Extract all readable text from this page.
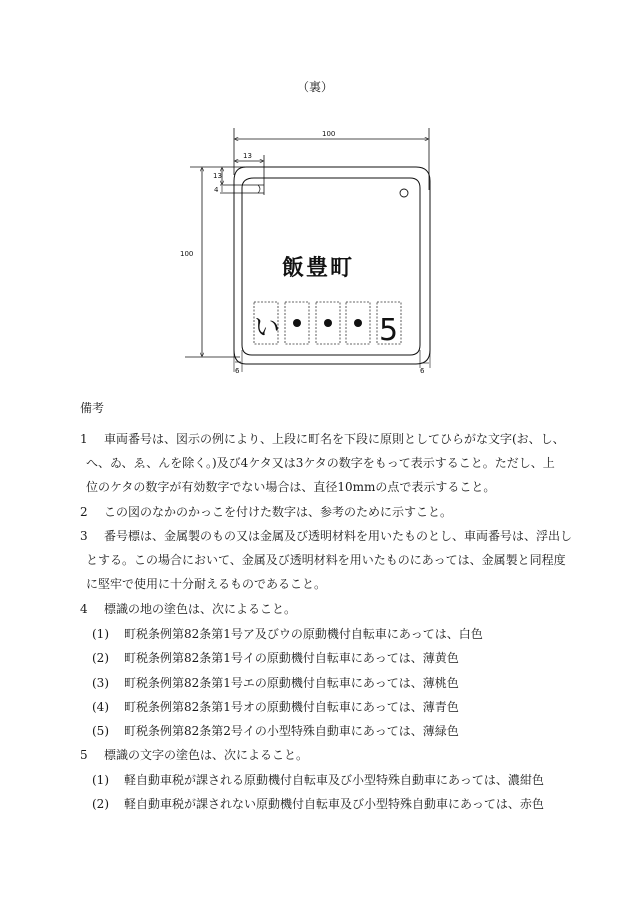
（裏）
100
100
13
13
4
6	6
飯豊町
い	5
備考
1 車両番号は、図示の例により、上段に町名を下段に原則としてひらがな文字(お、し、
へ、ゐ、ゑ、んを除く。)及び4ケタ又は3ケタの数字をもって表示すること。ただし、上
位のケタの数字が有効数字でない場合は、直径10mmの点で表示すること。
2 この図のなかのかっこを付けた数字は、参考のために示すこと。
3 番号標は、金属製のもの又は金属及び透明材料を用いたものとし、車両番号は、浮出し
とする。この場合において、金属及び透明材料を用いたものにあっては、金属製と同程度
に堅牢で使用に十分耐えるものであること。
4 標識の地の塗色は、次によること。
(1) 町税条例第82条第1号ア及びウの原動機付自転車にあっては、白色
(2) 町税条例第82条第1号イの原動機付自転車にあっては、薄黄色
(3) 町税条例第82条第1号エの原動機付自転車にあっては、薄桃色
(4) 町税条例第82条第1号オの原動機付自転車にあっては、薄青色
(5) 町税条例第82条第2号イの小型特殊自動車にあっては、薄緑色
5 標識の文字の塗色は、次によること。
(1) 軽自動車税が課される原動機付自転車及び小型特殊自動車にあっては、濃紺色
(2) 軽自動車税が課されない原動機付自転車及び小型特殊自動車にあっては、赤色
